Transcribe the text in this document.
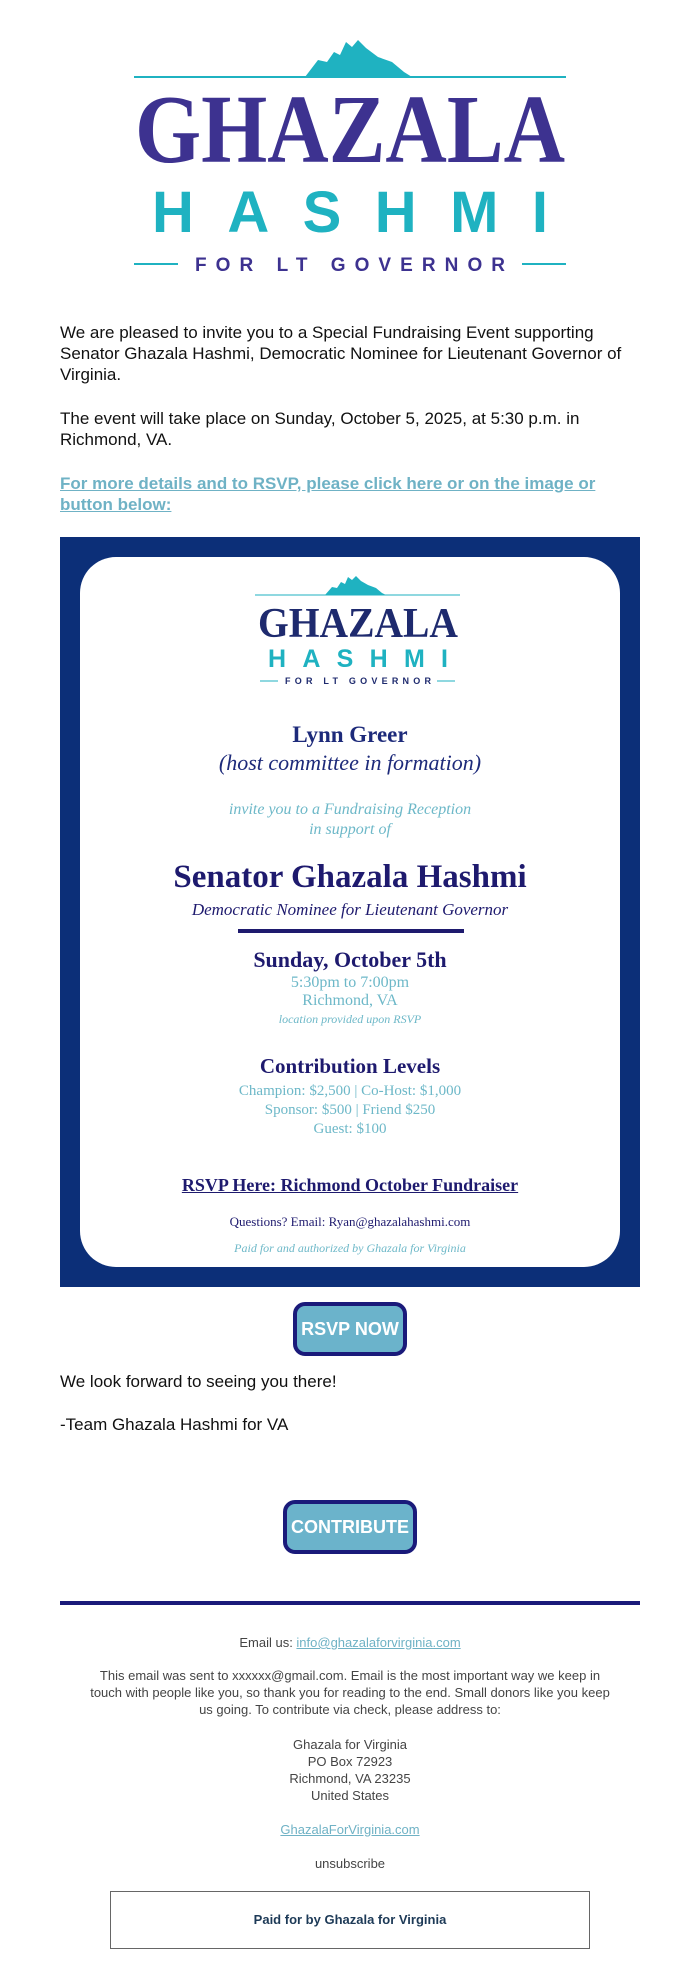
GHAZALA
HASHMI
FOR LT GOVERNOR
We are pleased to invite you to a Special Fundraising Event supporting Senator Ghazala Hashmi, Democratic Nominee for Lieutenant Governor of Virginia.
The event will take place on Sunday, October 5, 2025, at 5:30 p.m. in Richmond, VA.
For more details and to RSVP, please click here or on the image or button below:
GHAZALA
HASHMI
FOR LT GOVERNOR
Lynn Greer
(host committee in formation)
invite you to a Fundraising Reception
in support of
Senator Ghazala Hashmi
Democratic Nominee for Lieutenant Governor
Sunday, October 5th
5:30pm to 7:00pm
Richmond, VA
location provided upon RSVP
Contribution Levels
Champion: $2,500 | Co-Host: $1,000
Sponsor: $500 | Friend $250
Guest: $100
RSVP Here: Richmond October Fundraiser
Questions? Email: Ryan@ghazalahashmi.com
Paid for and authorized by Ghazala for Virginia
RSVP NOW
We look forward to seeing you there!
-Team Ghazala Hashmi for VA
CONTRIBUTE
Email us: info@ghazalaforvirginia.com
This email was sent to xxxxxx@gmail.com. Email is the most important way we keep in touch with people like you, so thank you for reading to the end. Small donors like you keep us going. To contribute via check, please address to:
Ghazala for Virginia
PO Box 72923
Richmond, VA 23235
United States
GhazalaForVirginia.com
unsubscribe
Paid for by Ghazala for Virginia
